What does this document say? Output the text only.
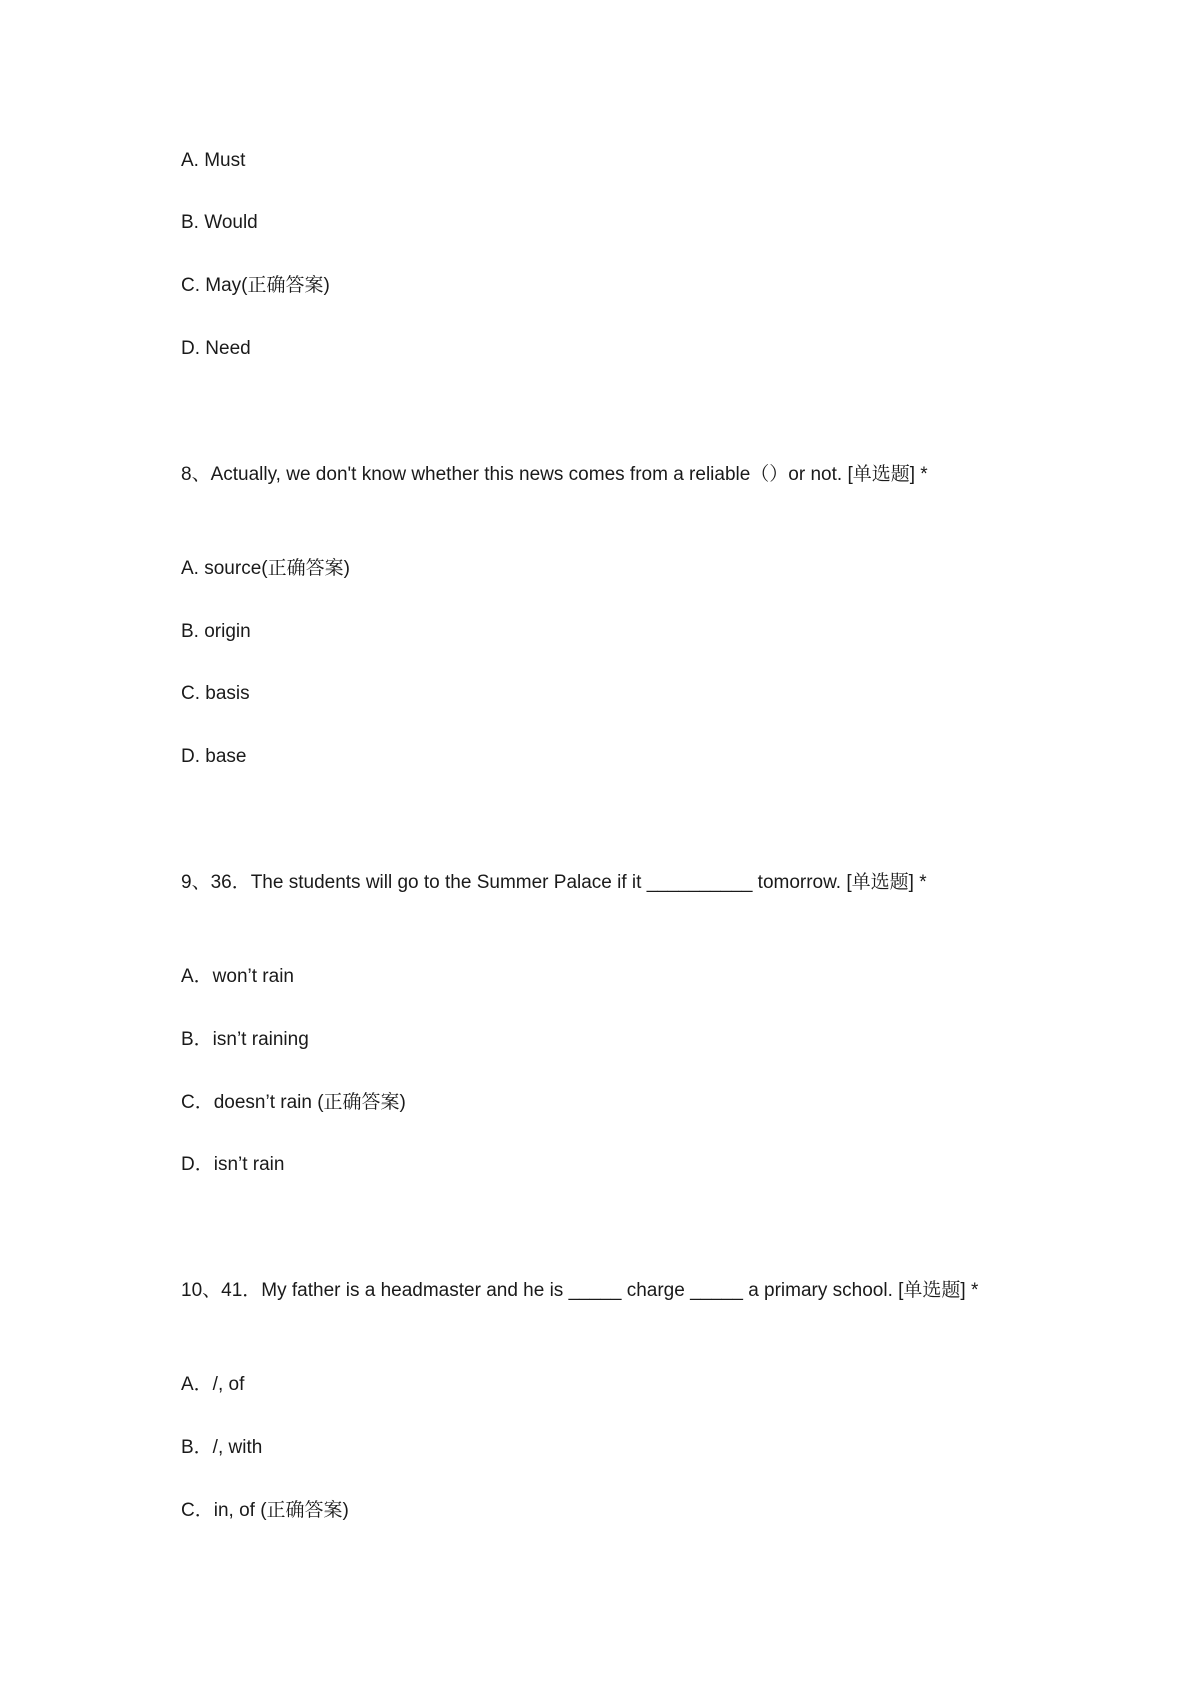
A. Must
B. Would
C. May(正确答案)
D. Need
8、Actually, we don't know whether this news comes from a reliable（）or not. [单选题] *
A. source(正确答案)
B. origin
C. basis
D. base
9、36．The students will go to the Summer Palace if it __________ tomorrow. [单选题] *
A．won’t rain
B．isn’t raining
C．doesn’t rain (正确答案)
D．isn’t rain
10、41．My father is a headmaster and he is _____ charge _____ a primary school. [单选题] *
A．/, of
B．/, with
C．in, of (正确答案)
